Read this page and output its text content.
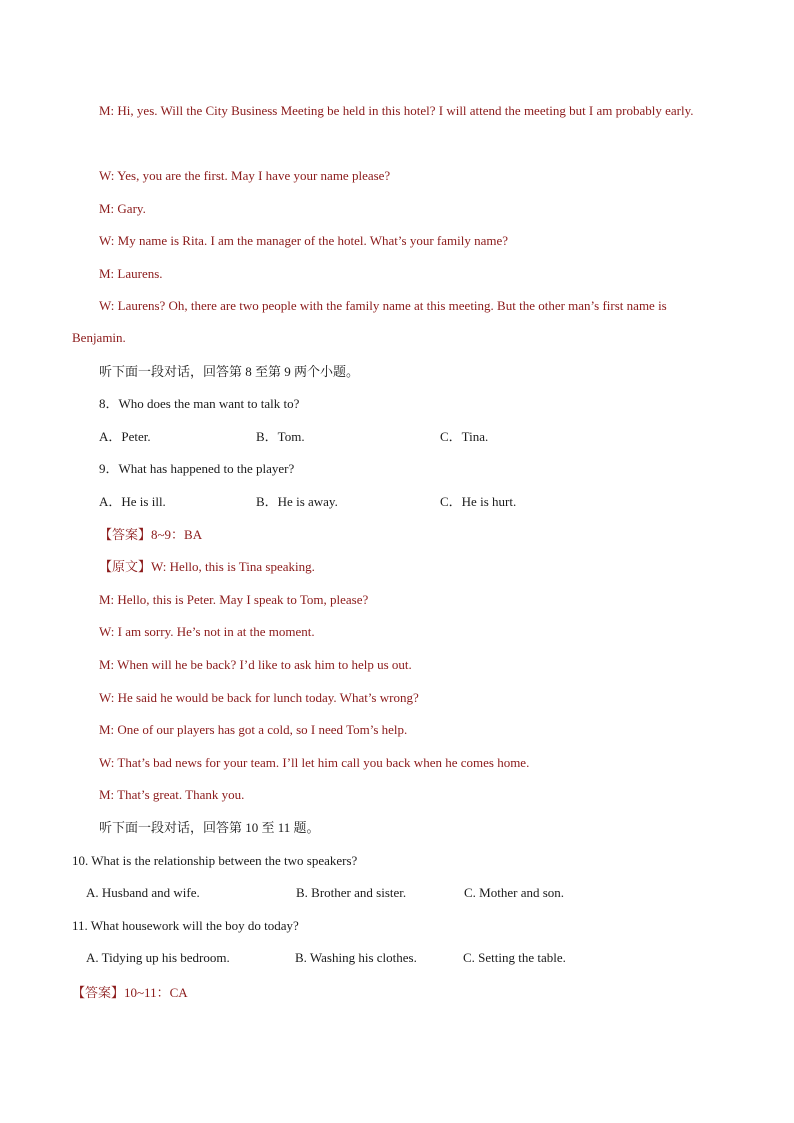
M: Hi, yes. Will the City Business Meeting be held in this hotel? I will attend the meeting but I am probably early.
W: Yes, you are the first. May I have your name please?
M: Gary.
W: My name is Rita. I am the manager of the hotel. What’s your family name?
M: Laurens.
W: Laurens? Oh, there are two people with the family name at this meeting. But the other man’s first name is Benjamin.
听下面一段对话，回答第 8 至第 9 两个小题。
8．Who does the man want to talk to?
A．Peter.	B．Tom.	C．Tina.
9．What has happened to the player?
A．He is ill.	B．He is away.	C．He is hurt.
【答案】8~9：BA
【原文】W: Hello, this is Tina speaking.
M: Hello, this is Peter. May I speak to Tom, please?
W: I am sorry. He’s not in at the moment.
M: When will he be back? I’d like to ask him to help us out.
W: He said he would be back for lunch today. What’s wrong?
M: One of our players has got a cold, so I need Tom’s help.
W: That’s bad news for your team. I’ll let him call you back when he comes home.
M: That’s great. Thank you.
听下面一段对话，回答第 10 至 11 题。
10. What is the relationship between the two speakers?
A. Husband and wife.	B. Brother and sister.	C. Mother and son.
11. What housework will the boy do today?
A. Tidying up his bedroom.	B. Washing his clothes.	C. Setting the table.
【答案】10~11：CA
